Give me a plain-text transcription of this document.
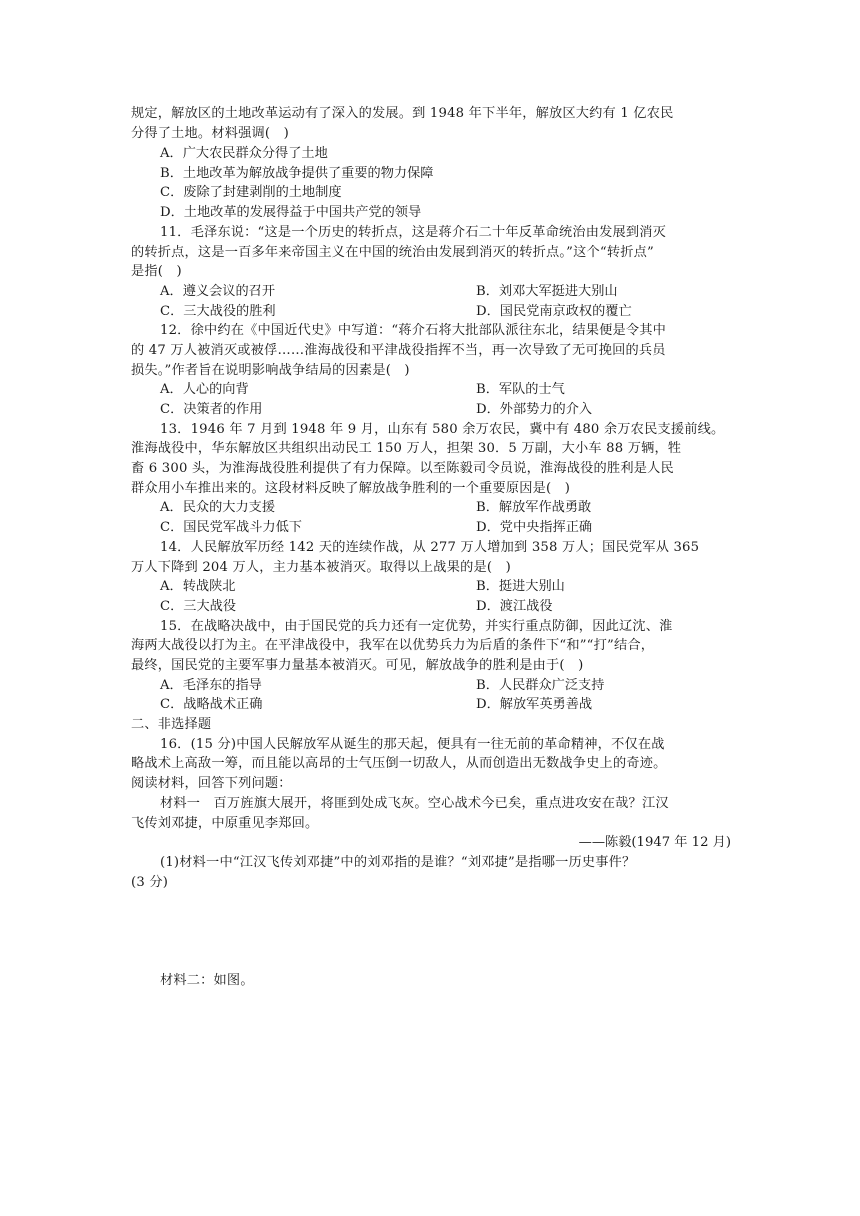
规定，解放区的土地改革运动有了深入的发展。到 1948 年下半年，解放区大约有 1 亿农民
分得了土地。材料强调(　)
A．广大农民群众分得了土地
B．土地改革为解放战争提供了重要的物力保障
C．废除了封建剥削的土地制度
D．土地改革的发展得益于中国共产党的领导
11．毛泽东说：“这是一个历史的转折点，这是蒋介石二十年反革命统治由发展到消灭
的转折点，这是一百多年来帝国主义在中国的统治由发展到消灭的转折点。”这个“转折点”
是指(　)
A．遵义会议的召开	B．刘邓大军挺进大别山
C．三大战役的胜利	D．国民党南京政权的覆亡
12．徐中约在《中国近代史》中写道：“蒋介石将大批部队派往东北，结果便是令其中
的 47 万人被消灭或被俘……淮海战役和平津战役指挥不当，再一次导致了无可挽回的兵员
损失。”作者旨在说明影响战争结局的因素是(　)
A．人心的向背	B．军队的士气
C．决策者的作用	D．外部势力的介入
13．1946 年 7 月到 1948 年 9 月，山东有 580 余万农民，冀中有 480 余万农民支援前线。
淮海战役中，华东解放区共组织出动民工 150 万人，担架 30．5 万副，大小车 88 万辆，牲
畜 6 300 头，为淮海战役胜利提供了有力保障。以至陈毅司令员说，淮海战役的胜利是人民
群众用小车推出来的。这段材料反映了解放战争胜利的一个重要原因是(　)
A．民众的大力支援	B．解放军作战勇敢
C．国民党军战斗力低下	D．党中央指挥正确
14．人民解放军历经 142 天的连续作战，从 277 万人增加到 358 万人；国民党军从 365
万人下降到 204 万人，主力基本被消灭。取得以上战果的是(　)
A．转战陕北	B．挺进大别山
C．三大战役	D．渡江战役
15．在战略决战中，由于国民党的兵力还有一定优势，并实行重点防御，因此辽沈、淮
海两大战役以打为主。在平津战役中，我军在以优势兵力为后盾的条件下“和”“打”结合，
最终，国民党的主要军事力量基本被消灭。可见，解放战争的胜利是由于(　)
A．毛泽东的指导	B．人民群众广泛支持
C．战略战术正确	D．解放军英勇善战
二、非选择题
16．(15 分)中国人民解放军从诞生的那天起，便具有一往无前的革命精神，不仅在战
略战术上高敌一筹，而且能以高昂的士气压倒一切敌人，从而创造出无数战争史上的奇迹。
阅读材料，回答下列问题：
材料一　百万旌旗大展开，将匪到处成飞灰。空心战术今已矣，重点进攻安在哉？江汉
飞传刘邓捷，中原重见李郑回。
——陈毅(1947 年 12 月)
(1)材料一中“江汉飞传刘邓捷”中的刘邓指的是谁？“刘邓捷”是指哪一历史事件？
(3 分)
材料二：如图。
